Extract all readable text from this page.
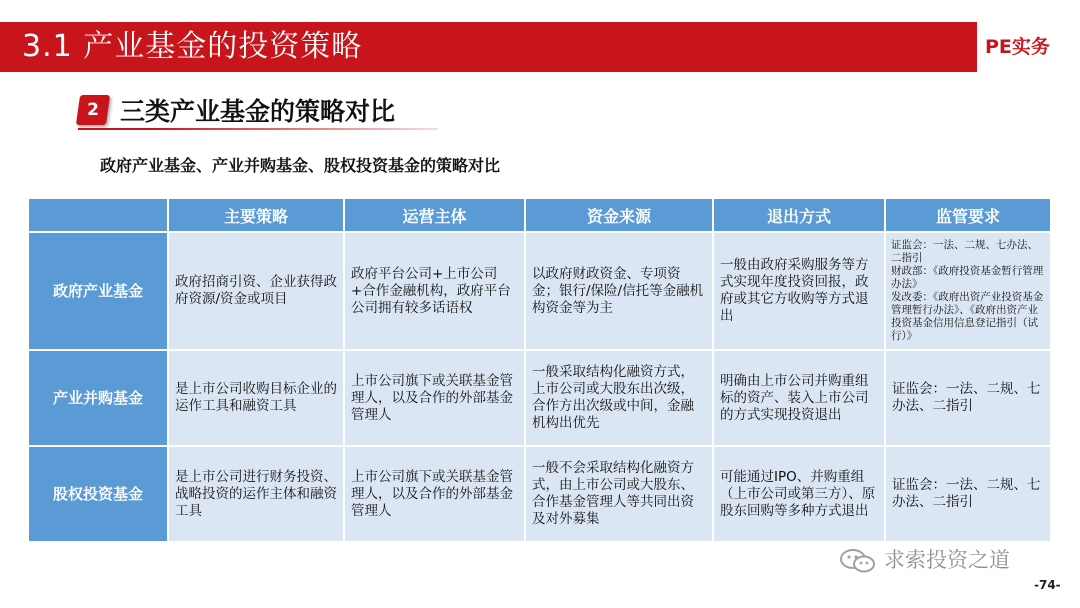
3.1 产业基金的投资策略	PE实务
2 三类产业基金的策略对比
政府产业基金、产业并购基金、股权投资基金的策略对比
	主要策略	运营主体	资金来源	退出方式	监管要求
政府产业基金	政府招商引资、企业获得政府资源/资金或项目	政府平台公司+上市公司+合作金融机构，政府平台公司拥有较多话语权	以政府财政资金、专项资金；银行/保险/信托等金融机构资金等为主	一般由政府采购服务等方式实现年度投资回报，政府或其它方收购等方式退出	证监会：一法、二规、七办法、二指引
财政部：《政府投资基金暂行管理办法》
发改委：《政府出资产业投资基金管理暂行办法》、《政府出资产业投资基金信用信息登记指引（试行）》
产业并购基金	是上市公司收购目标企业的运作工具和融资工具	上市公司旗下或关联基金管理人，以及合作的外部基金管理人	一般采取结构化融资方式，上市公司或大股东出次级，合作方出次级或中间，金融机构出优先	明确由上市公司并购重组标的资产、装入上市公司的方式实现投资退出	证监会：一法、二规、七办法、二指引
股权投资基金	是上市公司进行财务投资、战略投资的运作主体和融资工具	上市公司旗下或关联基金管理人，以及合作的外部基金管理人	一般不会采取结构化融资方式，由上市公司或大股东、合作基金管理人等共同出资及对外募集	可能通过IPO、并购重组（上市公司或第三方）、原股东回购等多种方式退出	证监会：一法、二规、七办法、二指引
求索投资之道
-74-
